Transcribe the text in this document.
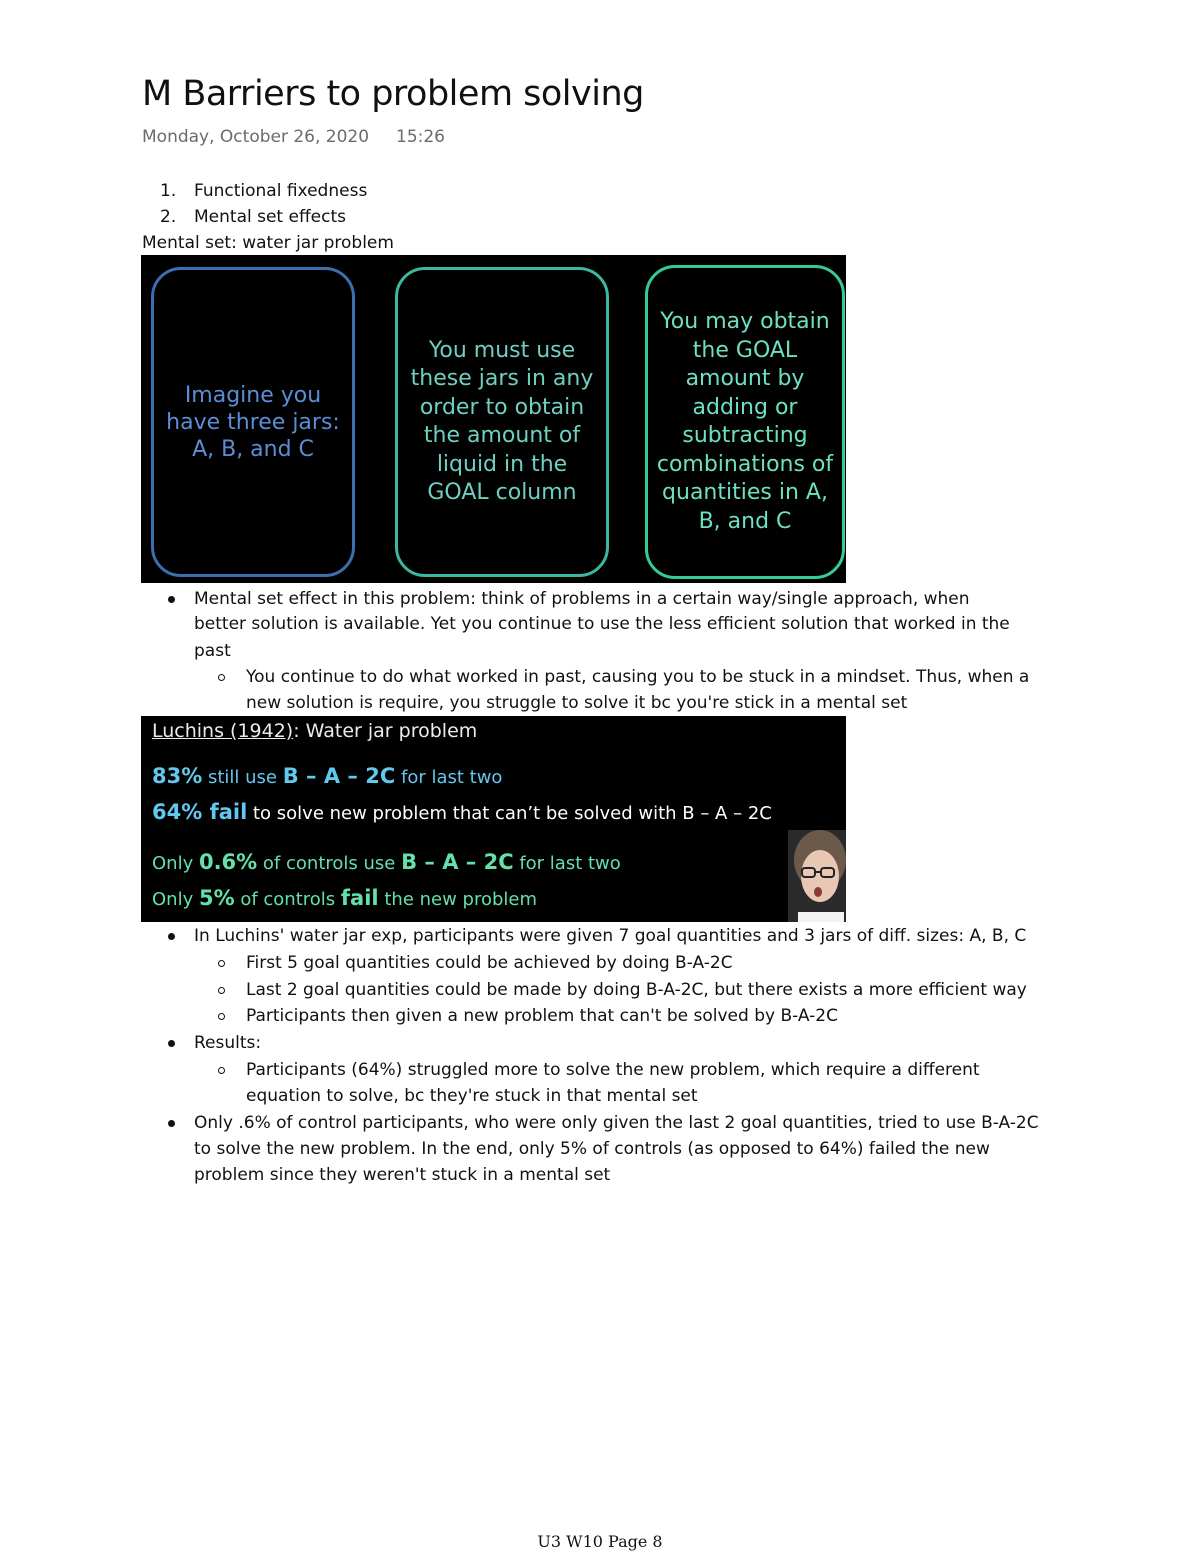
M Barriers to problem solving
Monday, October 26, 2020 15:26
1. Functional fixedness
2. Mental set effects
Mental set: water jar problem
Imagine you have three jars: A, B, and C
You must use these jars in any order to obtain the amount of liquid in the GOAL column
You may obtain the GOAL amount by adding or subtracting combinations of quantities in A, B, and C
Mental set effect in this problem: think of problems in a certain way/single approach, when
better solution is available. Yet you continue to use the less efficient solution that worked in the
past
You continue to do what worked in past, causing you to be stuck in a mindset. Thus, when a
new solution is require, you struggle to solve it bc you're stick in a mental set
Luchins (1942): Water jar problem
83% still use B – A – 2C for last two
64% fail to solve new problem that can’t be solved with B – A – 2C
Only 0.6% of controls use B – A – 2C for last two
Only 5% of controls fail the new problem
In Luchins' water jar exp, participants were given 7 goal quantities and 3 jars of diff. sizes: A, B, C
First 5 goal quantities could be achieved by doing B-A-2C
Last 2 goal quantities could be made by doing B-A-2C, but there exists a more efficient way
Participants then given a new problem that can't be solved by B-A-2C
Results:
Participants (64%) struggled more to solve the new problem, which require a different
equation to solve, bc they're stuck in that mental set
Only .6% of control participants, who were only given the last 2 goal quantities, tried to use B-A-2C
to solve the new problem. In the end, only 5% of controls (as opposed to 64%) failed the new
problem since they weren't stuck in a mental set
U3 W10 Page 8
